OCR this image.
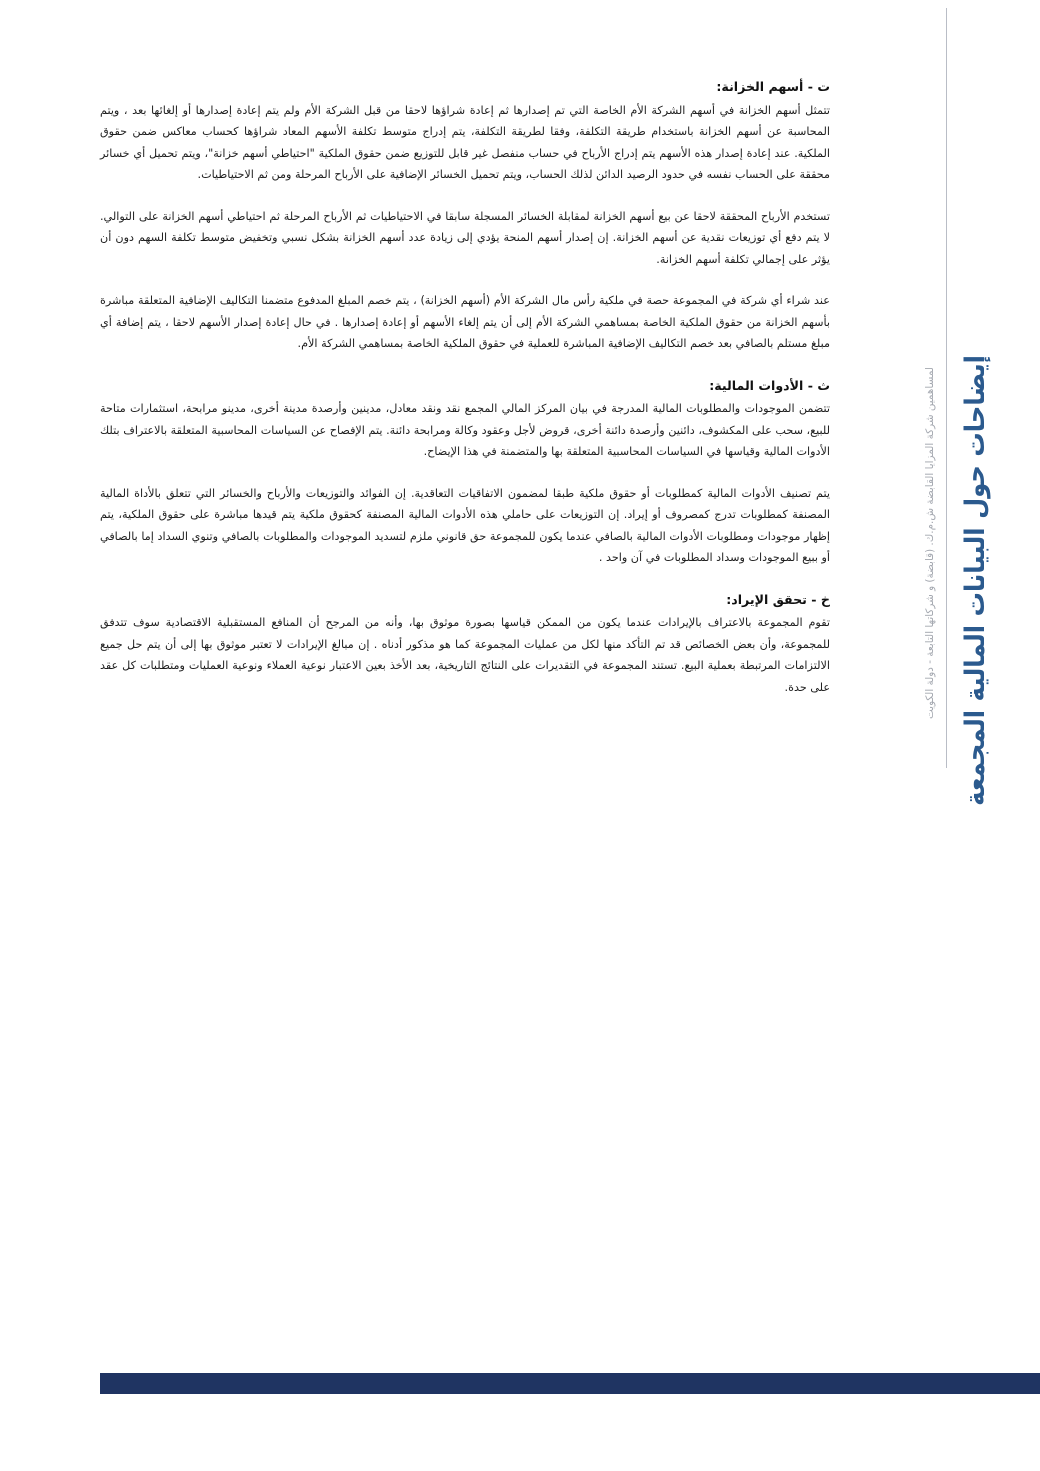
إيضاحات حول البيانات المالية المجمعة
لمساهمين شركة المزايا القابضة ش.م.ك. (قابضة) و شركاتها التابعة - دولة الكويت
ت - أسهم الخزانة:

تتمثل أسهم الخزانة في أسهم الشركة الأم الخاصة التي تم إصدارها ثم إعادة شراؤها لاحقا من قبل الشركة الأم ولم يتم إعادة إصدارها أو إلغائها بعد ، ويتم المحاسبة عن أسهم الخزانة باستخدام طريقة التكلفة، وفقا لطريقة التكلفة، يتم إدراج متوسط تكلفة الأسهم المعاد شراؤها كحساب معاكس ضمن حقوق الملكية. عند إعادة إصدار هذه الأسهم يتم إدراج الأرباح في حساب منفصل غير قابل للتوزيع ضمن حقوق الملكية "احتياطي أسهم خزانة"، ويتم تحميل أي خسائر محققة على الحساب نفسه في حدود الرصيد الدائن لذلك الحساب، ويتم تحميل الخسائر الإضافية على الأرباح المرحلة ومن ثم الاحتياطيات.

تستخدم الأرباح المحققة لاحقا عن بيع أسهم الخزانة لمقابلة الخسائر المسجلة سابقا في الاحتياطيات ثم الأرباح المرحلة ثم احتياطي أسهم الخزانة على التوالي. لا يتم دفع أي توزيعات نقدية عن أسهم الخزانة. إن إصدار أسهم المنحة يؤدي إلى زيادة عدد أسهم الخزانة بشكل نسبي وتخفيض متوسط تكلفة السهم دون أن يؤثر على إجمالي تكلفة أسهم الخزانة.

عند شراء أي شركة في المجموعة حصة في ملكية رأس مال الشركة الأم (أسهم الخزانة) ، يتم خصم المبلغ المدفوع متضمنا التكاليف الإضافية المتعلقة مباشرة بأسهم الخزانة من حقوق الملكية الخاصة بمساهمي الشركة الأم إلى أن يتم إلغاء الأسهم أو إعادة إصدارها . في حال إعادة إصدار الأسهم لاحقا ، يتم إضافة أي مبلغ مستلم بالصافي بعد خصم التكاليف الإضافية المباشرة للعملية في حقوق الملكية الخاصة بمساهمي الشركة الأم.

ث - الأدوات المالية:

تتضمن الموجودات والمطلوبات المالية المدرجة في بيان المركز المالي المجمع نقد ونقد معادل، مدينين وأرصدة مدينة أخرى، مدينو مرابحة، استثمارات متاحة للبيع، سحب على المكشوف، دائنين وأرصدة دائنة أخرى، قروض لأجل وعقود وكالة ومرابحة دائنة. يتم الإفصاح عن السياسات المحاسبية المتعلقة بالاعتراف بتلك الأدوات المالية وقياسها في السياسات المحاسبية المتعلقة بها والمتضمنة في هذا الإيضاح.

يتم تصنيف الأدوات المالية كمطلوبات أو حقوق ملكية طبقا لمضمون الاتفاقيات التعاقدية. إن الفوائد والتوزيعات والأرباح والخسائر التي تتعلق بالأداة المالية المصنفة كمطلوبات تدرج كمصروف أو إيراد. إن التوزيعات على حاملي هذه الأدوات المالية المصنفة كحقوق ملكية يتم قيدها مباشرة على حقوق الملكية، يتم إظهار موجودات ومطلوبات الأدوات المالية بالصافي عندما يكون للمجموعة حق قانوني ملزم لتسديد الموجودات والمطلوبات بالصافي وتنوي السداد إما بالصافي أو ببيع الموجودات وسداد المطلوبات في آن واحد .

خ - تحقق الإيراد:

تقوم المجموعة بالاعتراف بالإيرادات عندما يكون من الممكن قياسها بصورة موثوق بها، وأنه من المرجح أن المنافع المستقبلية الاقتصادية سوف تتدفق للمجموعة، وأن بعض الخصائص قد تم التأكد منها لكل من عمليات المجموعة كما هو مذكور أدناه . إن مبالغ الإيرادات لا تعتبر موثوق بها إلى أن يتم حل جميع الالتزامات المرتبطة بعملية البيع. تستند المجموعة في التقديرات على النتائج التاريخية، بعد الأخذ بعين الاعتبار نوعية العملاء ونوعية العمليات ومتطلبات كل عقد على حدة.
